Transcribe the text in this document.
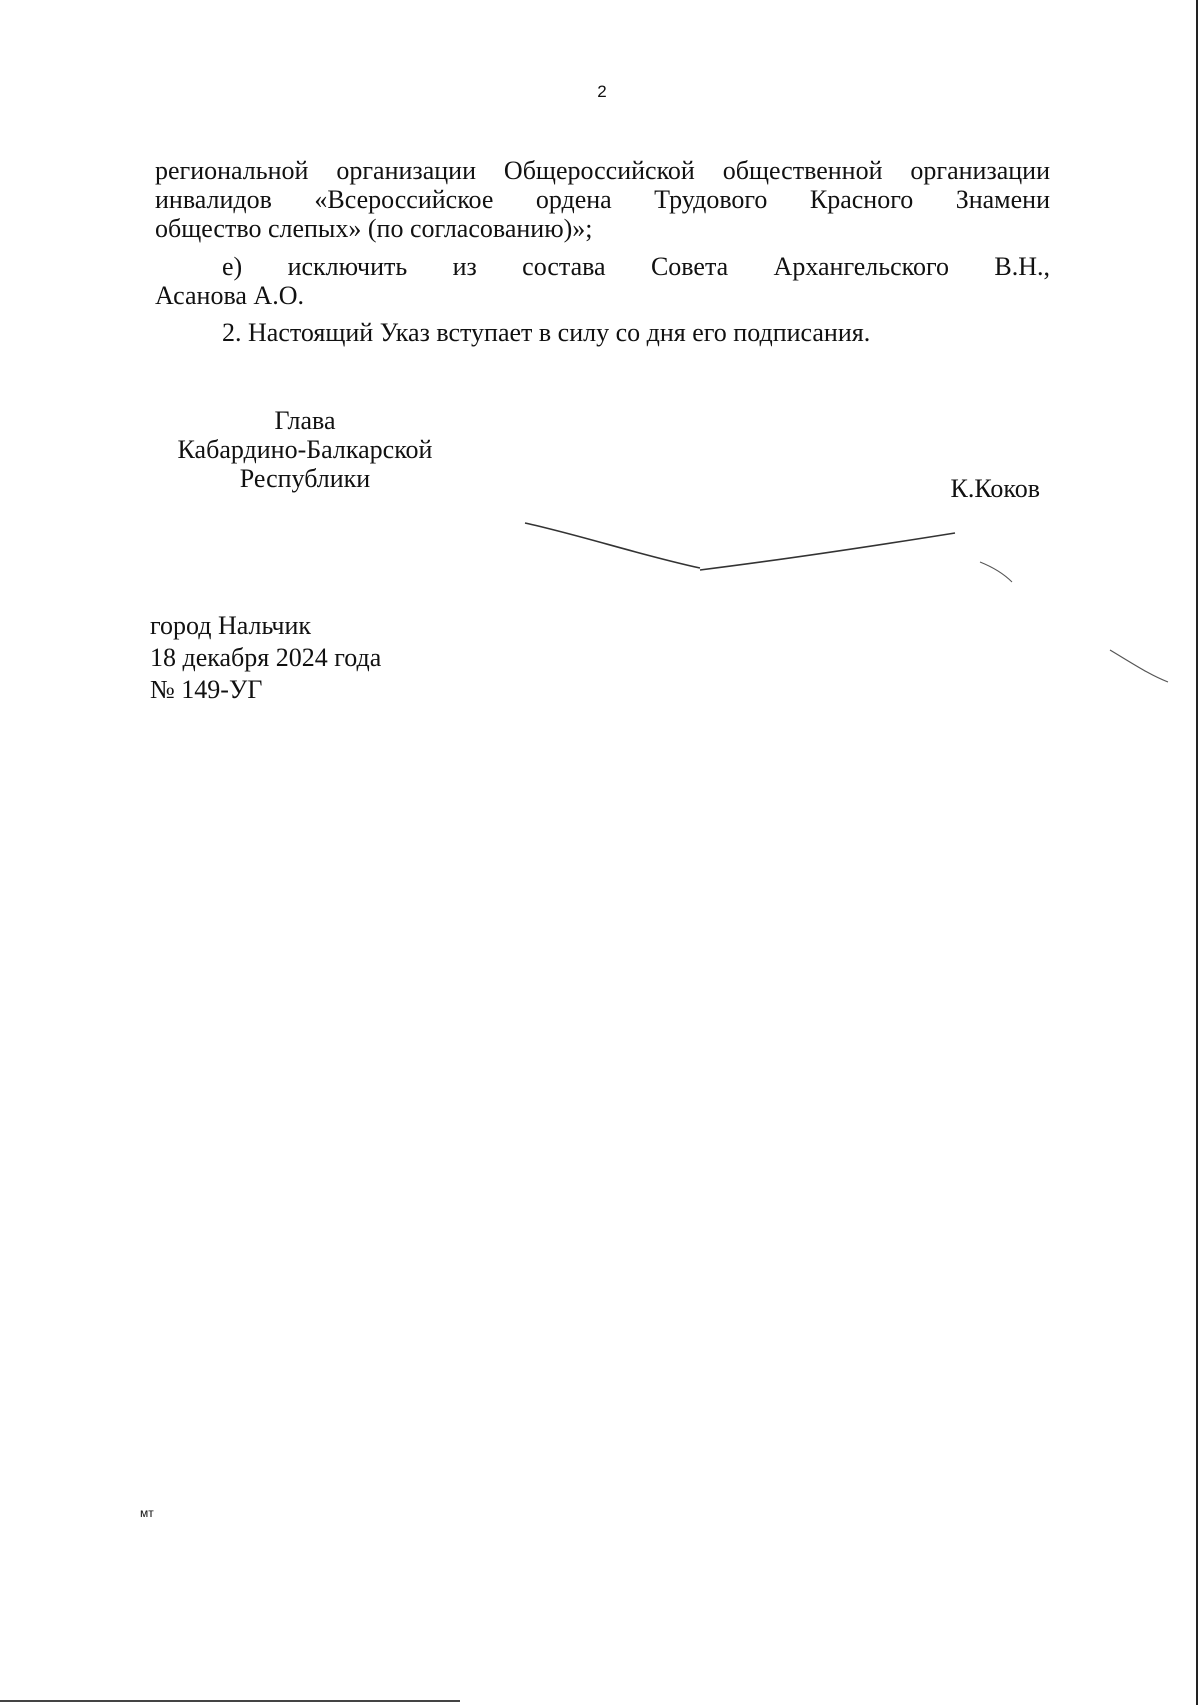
2
региональной организации Общероссийской общественной организации
инвалидов «Всероссийское ордена Трудового Красного Знамени
общество слепых» (по согласованию)»;
е) исключить из состава Совета Архангельского В.Н.,
Асанова А.О.
2. Настоящий Указ вступает в силу со дня его подписания.
Глава
Кабардино-Балкарской
Республики	К.Коков
город Нальчик
18 декабря 2024 года
№ 149-УГ
мт
